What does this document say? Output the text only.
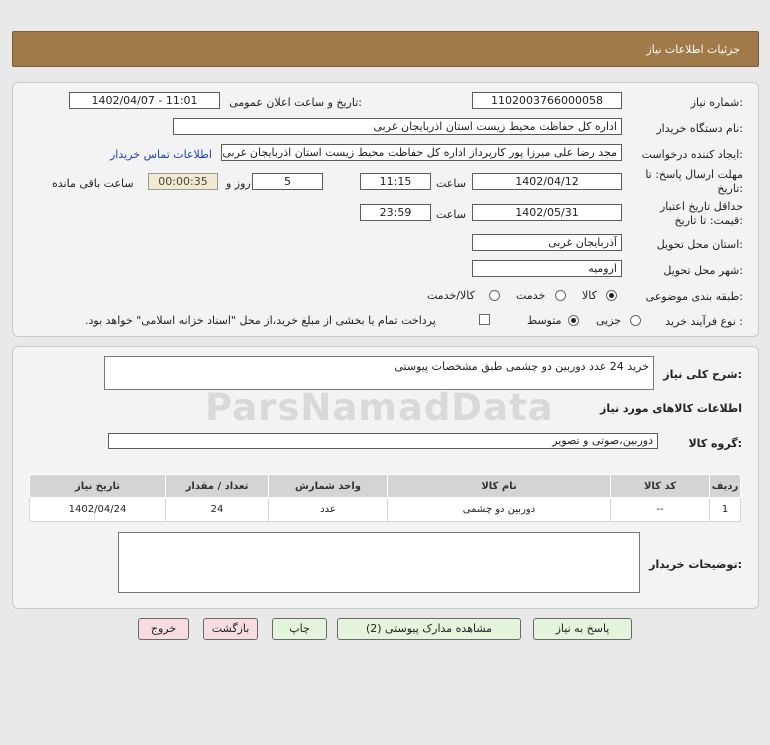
جزئیات اطلاعات نیاز
شماره نیاز:
1102003766000058
تاریخ و ساعت اعلان عمومی:
1402/04/07 - 11:01
نام دستگاه خریدار:
اداره کل حفاظت محیط زیست استان اذربایجان غربی
ایجاد کننده درخواست:
مجد رضا علی میرزا پور کارپرداز اداره کل حفاظت محیط زیست استان اذربایجان غربی
اطلاعات تماس خریدار
مهلت ارسال پاسخ: تا تاریخ:
1402/04/12
ساعت
11:15
5
روز و
00:00:35
ساعت باقی مانده
حداقل تاریخ اعتبار قیمت: تا تاریخ:
1402/05/31
ساعت
23:59
استان محل تحویل:
آذربایجان غربی
شهر محل تحویل:
ارومیه
طبقه بندی موضوعی:
کالا
خدمت
کالا/خدمت
نوع فرآیند خرید :
جزیی
متوسط
پرداخت تمام یا بخشی از مبلغ خرید،از محل "اسناد خزانه اسلامی" خواهد بود.
شرح کلی نیاز:
خرید 24 عدد دوربین دو چشمی طبق مشخصات پیوستی
اطلاعات کالاهای مورد نیاز
ParsNamadData
گروه کالا:
دوربین،صوتی و تصویر
ردیف	کد کالا	نام کالا	واحد شمارش	تعداد / مقدار	تاریخ نیاز
1	--	دوربین دو چشمی	عدد	24	1402/04/24
توضیحات خریدار:
پاسخ به نیاز
مشاهده مدارک پیوستی (2)
چاپ
بازگشت
خروج
